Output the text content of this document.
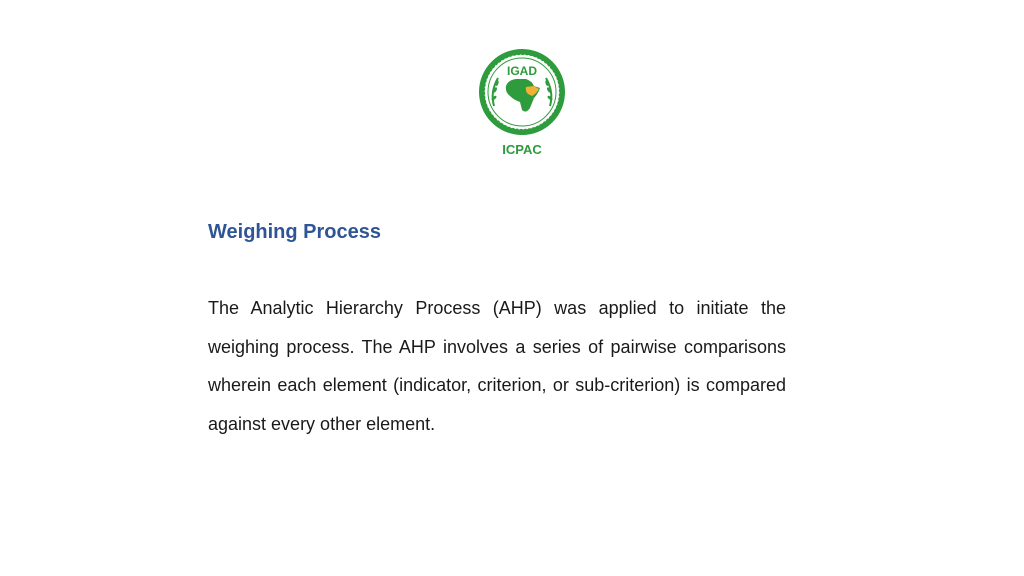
IGAD
ICPAC
Weighing Process

The Analytic Hierarchy Process (AHP) was applied to initiate the weighing process. The AHP involves a series of pairwise comparisons wherein each element (indicator, criterion, or sub-criterion) is compared against every other element.
